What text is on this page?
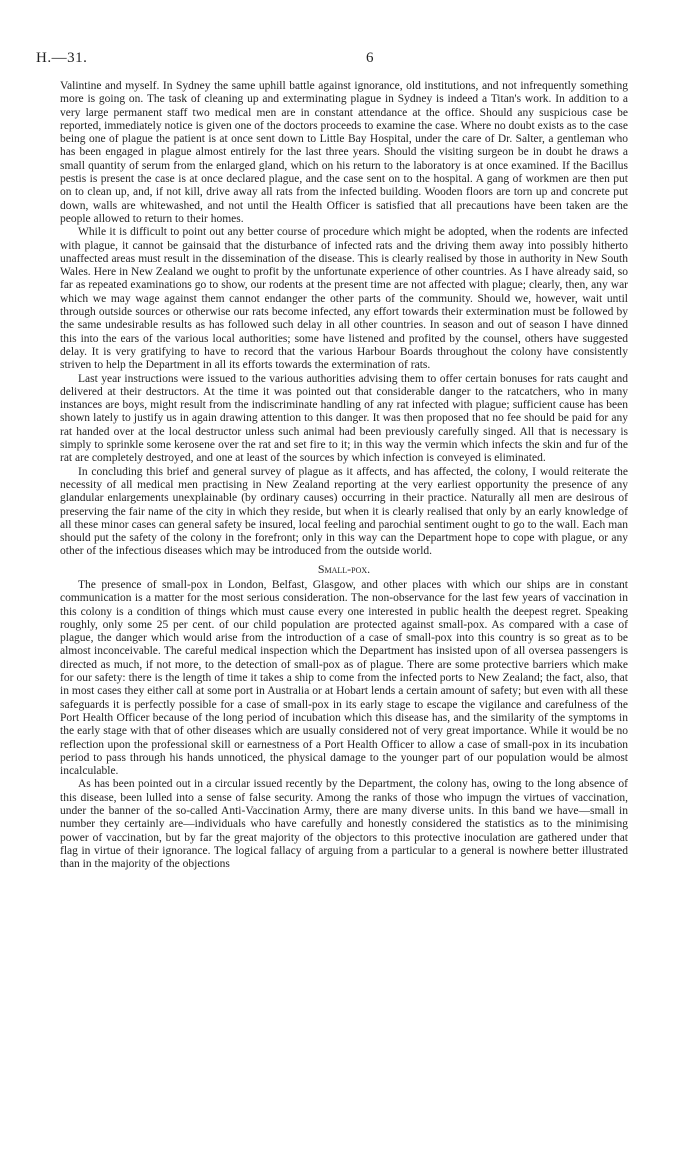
H.—31.	6

Valintine and myself. In Sydney the same uphill battle against ignorance, old institutions, and not infrequently something more is going on. The task of cleaning up and exterminating plague in Sydney is indeed a Titan's work. In addition to a very large permanent staff two medical men are in constant attendance at the office. Should any suspicious case be reported, immediately notice is given one of the doctors proceeds to examine the case. Where no doubt exists as to the case being one of plague the patient is at once sent down to Little Bay Hospital, under the care of Dr. Salter, a gentleman who has been engaged in plague almost entirely for the last three years. Should the visiting surgeon be in doubt he draws a small quantity of serum from the enlarged gland, which on his return to the laboratory is at once examined. If the Bacillus pestis is present the case is at once declared plague, and the case sent on to the hospital. A gang of workmen are then put on to clean up, and, if not kill, drive away all rats from the infected building. Wooden floors are torn up and concrete put down, walls are whitewashed, and not until the Health Officer is satisfied that all precautions have been taken are the people allowed to return to their homes.

While it is difficult to point out any better course of procedure which might be adopted, when the rodents are infected with plague, it cannot be gainsaid that the disturbance of infected rats and the driving them away into possibly hitherto unaffected areas must result in the dissemination of the disease. This is clearly realised by those in authority in New South Wales. Here in New Zealand we ought to profit by the unfortunate experience of other countries. As I have already said, so far as repeated examinations go to show, our rodents at the present time are not affected with plague; clearly, then, any war which we may wage against them cannot endanger the other parts of the community. Should we, however, wait until through outside sources or otherwise our rats become infected, any effort towards their extermination must be followed by the same undesirable results as has followed such delay in all other countries. In season and out of season I have dinned this into the ears of the various local authorities; some have listened and profited by the counsel, others have suggested delay. It is very gratifying to have to record that the various Harbour Boards throughout the colony have consistently striven to help the Department in all its efforts towards the extermination of rats.

Last year instructions were issued to the various authorities advising them to offer certain bonuses for rats caught and delivered at their destructors. At the time it was pointed out that considerable danger to the ratcatchers, who in many instances are boys, might result from the indiscriminate handling of any rat infected with plague; sufficient cause has been shown lately to justify us in again drawing attention to this danger. It was then proposed that no fee should be paid for any rat handed over at the local destructor unless such animal had been previously carefully singed. All that is necessary is simply to sprinkle some kerosene over the rat and set fire to it; in this way the vermin which infects the skin and fur of the rat are completely destroyed, and one at least of the sources by which infection is conveyed is eliminated.

In concluding this brief and general survey of plague as it affects, and has affected, the colony, I would reiterate the necessity of all medical men practising in New Zealand reporting at the very earliest opportunity the presence of any glandular enlargements unexplainable (by ordinary causes) occurring in their practice. Naturally all men are desirous of preserving the fair name of the city in which they reside, but when it is clearly realised that only by an early knowledge of all these minor cases can general safety be insured, local feeling and parochial sentiment ought to go to the wall. Each man should put the safety of the colony in the forefront; only in this way can the Department hope to cope with plague, or any other of the infectious diseases which may be introduced from the outside world.

Small-pox.

The presence of small-pox in London, Belfast, Glasgow, and other places with which our ships are in constant communication is a matter for the most serious consideration. The non-observance for the last few years of vaccination in this colony is a condition of things which must cause every one interested in public health the deepest regret. Speaking roughly, only some 25 per cent. of our child population are protected against small-pox. As compared with a case of plague, the danger which would arise from the introduction of a case of small-pox into this country is so great as to be almost inconceivable. The careful medical inspection which the Department has insisted upon of all oversea passengers is directed as much, if not more, to the detection of small-pox as of plague. There are some protective barriers which make for our safety: there is the length of time it takes a ship to come from the infected ports to New Zealand; the fact, also, that in most cases they either call at some port in Australia or at Hobart lends a certain amount of safety; but even with all these safeguards it is perfectly possible for a case of small-pox in its early stage to escape the vigilance and carefulness of the Port Health Officer because of the long period of incubation which this disease has, and the similarity of the symptoms in the early stage with that of other diseases which are usually considered not of very great importance. While it would be no reflection upon the professional skill or earnestness of a Port Health Officer to allow a case of small-pox in its incubation period to pass through his hands unnoticed, the physical damage to the younger part of our population would be almost incalculable.

As has been pointed out in a circular issued recently by the Department, the colony has, owing to the long absence of this disease, been lulled into a sense of false security. Among the ranks of those who impugn the virtues of vaccination, under the banner of the so-called Anti-Vaccination Army, there are many diverse units. In this band we have—small in number they certainly are—individuals who have carefully and honestly considered the statistics as to the minimising power of vaccination, but by far the great majority of the objectors to this protective inoculation are gathered under that flag in virtue of their ignorance. The logical fallacy of arguing from a particular to a general is nowhere better illustrated than in the majority of the objections
